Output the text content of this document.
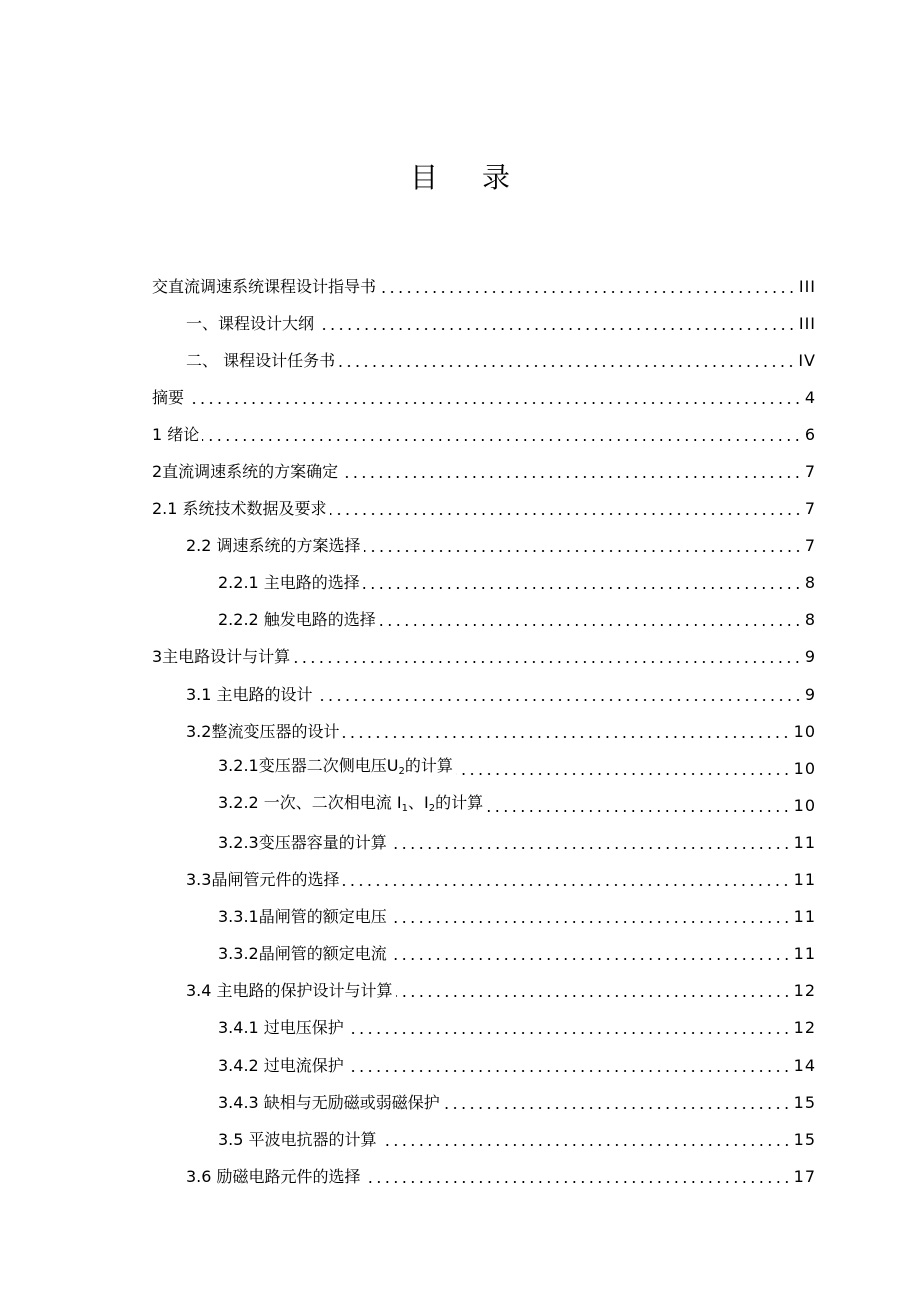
目 录
交直流调速系统课程设计指导书	III
一、课程设计大纲	III
二、 课程设计任务书	IV
摘要	4
1 绪论	6
2直流调速系统的方案确定	7
2.1 系统技术数据及要求	7
2.2 调速系统的方案选择	7
2.2.1 主电路的选择	8
2.2.2 触发电路的选择	8
3主电路设计与计算	9
3.1 主电路的设计	9
3.2整流变压器的设计	10
3.2.1变压器二次侧电压$U_2$的计算	10
3.2.2 一次、二次相电流 $I_1$、$I_2$的计算	10
3.2.3变压器容量的计算	11
3.3晶闸管元件的选择	11
3.3.1晶闸管的额定电压	11
3.3.2晶闸管的额定电流	11
3.4 主电路的保护设计与计算	12
3.4.1 过电压保护	12
3.4.2 过电流保护	14
3.4.3 缺相与无励磁或弱磁保护	15
3.5 平波电抗器的计算	15
3.6 励磁电路元件的选择	17
